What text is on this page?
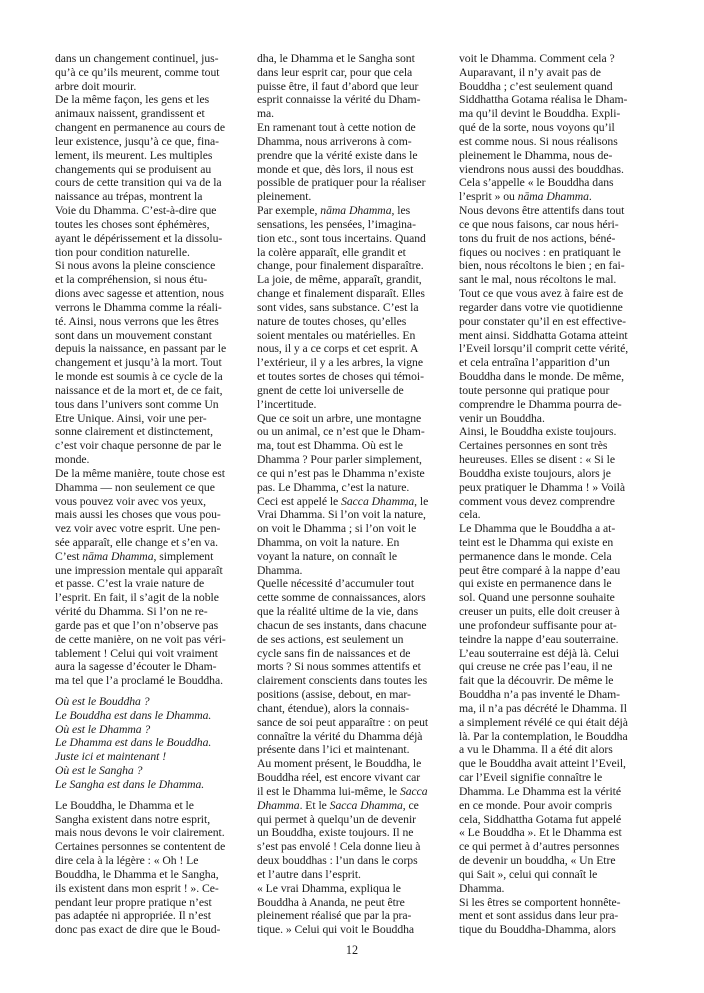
dans un changement continuel, jus-
qu’à ce qu’ils meurent, comme tout
arbre doit mourir.
De la même façon, les gens et les
animaux naissent, grandissent et
changent en permanence au cours de
leur existence, jusqu’à ce que, fina-
lement, ils meurent. Les multiples
changements qui se produisent au
cours de cette transition qui va de la
naissance au trépas, montrent la
Voie du Dhamma. C’est-à-dire que
toutes les choses sont éphémères,
ayant le dépérissement et la dissolu-
tion pour condition naturelle.
Si nous avons la pleine conscience
et la compréhension, si nous étu-
dions avec sagesse et attention, nous
verrons le Dhamma comme la réali-
té. Ainsi, nous verrons que les êtres
sont dans un mouvement constant
depuis la naissance, en passant par le
changement et jusqu’à la mort. Tout
le monde est soumis à ce cycle de la
naissance et de la mort et, de ce fait,
tous dans l’univers sont comme Un
Etre Unique. Ainsi, voir une per-
sonne clairement et distinctement,
c’est voir chaque personne de par le
monde.
De la même manière, toute chose est
Dhamma — non seulement ce que
vous pouvez voir avec vos yeux,
mais aussi les choses que vous pou-
vez voir avec votre esprit. Une pen-
sée apparaît, elle change et s’en va.
C’est nāma Dhamma, simplement
une impression mentale qui apparaît
et passe. C’est la vraie nature de
l’esprit. En fait, il s’agit de la noble
vérité du Dhamma. Si l’on ne re-
garde pas et que l’on n’observe pas
de cette manière, on ne voit pas véri-
tablement ! Celui qui voit vraiment
aura la sagesse d’écouter le Dham-
ma tel que l’a proclamé le Bouddha.
Où est le Bouddha ?
Le Bouddha est dans le Dhamma.
Où est le Dhamma ?
Le Dhamma est dans le Bouddha.
Juste ici et maintenant !
Où est le Sangha ?
Le Sangha est dans le Dhamma.
Le Bouddha, le Dhamma et le
Sangha existent dans notre esprit,
mais nous devons le voir clairement.
Certaines personnes se contentent de
dire cela à la légère : « Oh ! Le
Bouddha, le Dhamma et le Sangha,
ils existent dans mon esprit ! ». Ce-
pendant leur propre pratique n’est
pas adaptée ni appropriée. Il n’est
donc pas exact de dire que le Boud-
dha, le Dhamma et le Sangha sont
dans leur esprit car, pour que cela
puisse être, il faut d’abord que leur
esprit connaisse la vérité du Dham-
ma.
En ramenant tout à cette notion de
Dhamma, nous arriverons à com-
prendre que la vérité existe dans le
monde et que, dès lors, il nous est
possible de pratiquer pour la réaliser
pleinement.
Par exemple, nāma Dhamma, les
sensations, les pensées, l’imagina-
tion etc., sont tous incertains. Quand
la colère apparaît, elle grandit et
change, pour finalement disparaître.
La joie, de même, apparaît, grandit,
change et finalement disparaît. Elles
sont vides, sans substance. C’est la
nature de toutes choses, qu’elles
soient mentales ou matérielles. En
nous, il y a ce corps et cet esprit. A
l’extérieur, il y a les arbres, la vigne
et toutes sortes de choses qui témoi-
gnent de cette loi universelle de
l’incertitude.
Que ce soit un arbre, une montagne
ou un animal, ce n’est que le Dham-
ma, tout est Dhamma. Où est le
Dhamma ? Pour parler simplement,
ce qui n’est pas le Dhamma n’existe
pas. Le Dhamma, c’est la nature.
Ceci est appelé le Sacca Dhamma, le
Vrai Dhamma. Si l’on voit la nature,
on voit le Dhamma ; si l’on voit le
Dhamma, on voit la nature. En
voyant la nature, on connaît le
Dhamma.
Quelle nécessité d’accumuler tout
cette somme de connaissances, alors
que la réalité ultime de la vie, dans
chacun de ses instants, dans chacune
de ses actions, est seulement un
cycle sans fin de naissances et de
morts ? Si nous sommes attentifs et
clairement conscients dans toutes les
positions (assise, debout, en mar-
chant, étendue), alors la connais-
sance de soi peut apparaître : on peut
connaître la vérité du Dhamma déjà
présente dans l’ici et maintenant.
Au moment présent, le Bouddha, le
Bouddha réel, est encore vivant car
il est le Dhamma lui-même, le Sacca
Dhamma. Et le Sacca Dhamma, ce
qui permet à quelqu’un de devenir
un Bouddha, existe toujours. Il ne
s’est pas envolé ! Cela donne lieu à
deux bouddhas : l’un dans le corps
et l’autre dans l’esprit.
« Le vrai Dhamma, expliqua le
Bouddha à Ananda, ne peut être
pleinement réalisé que par la pra-
tique. » Celui qui voit le Bouddha
voit le Dhamma. Comment cela ?
Auparavant, il n’y avait pas de
Bouddha ; c’est seulement quand
Siddhattha Gotama réalisa le Dham-
ma qu’il devint le Bouddha. Expli-
qué de la sorte, nous voyons qu’il
est comme nous. Si nous réalisons
pleinement le Dhamma, nous de-
viendrons nous aussi des bouddhas.
Cela s’appelle « le Bouddha dans
l’esprit » ou nāma Dhamma.
Nous devons être attentifs dans tout
ce que nous faisons, car nous héri-
tons du fruit de nos actions, béné-
fiques ou nocives : en pratiquant le
bien, nous récoltons le bien ; en fai-
sant le mal, nous récoltons le mal.
Tout ce que vous avez à faire est de
regarder dans votre vie quotidienne
pour constater qu’il en est effective-
ment ainsi. Siddhatta Gotama atteint
l’Eveil lorsqu’il comprit cette vérité,
et cela entraîna l’apparition d’un
Bouddha dans le monde. De même,
toute personne qui pratique pour
comprendre le Dhamma pourra de-
venir un Bouddha.
Ainsi, le Bouddha existe toujours.
Certaines personnes en sont très
heureuses. Elles se disent : « Si le
Bouddha existe toujours, alors je
peux pratiquer le Dhamma ! » Voilà
comment vous devez comprendre
cela.
Le Dhamma que le Bouddha a at-
teint est le Dhamma qui existe en
permanence dans le monde. Cela
peut être comparé à la nappe d’eau
qui existe en permanence dans le
sol. Quand une personne souhaite
creuser un puits, elle doit creuser à
une profondeur suffisante pour at-
teindre la nappe d’eau souterraine.
L’eau souterraine est déjà là. Celui
qui creuse ne crée pas l’eau, il ne
fait que la découvrir. De même le
Bouddha n’a pas inventé le Dham-
ma, il n’a pas décrété le Dhamma. Il
a simplement révélé ce qui était déjà
là. Par la contemplation, le Bouddha
a vu le Dhamma. Il a été dit alors
que le Bouddha avait atteint l’Eveil,
car l’Eveil signifie connaître le
Dhamma. Le Dhamma est la vérité
en ce monde. Pour avoir compris
cela, Siddhattha Gotama fut appelé
« Le Bouddha ». Et le Dhamma est
ce qui permet à d’autres personnes
de devenir un bouddha, « Un Etre
qui Sait », celui qui connaît le
Dhamma.
Si les êtres se comportent honnête-
ment et sont assidus dans leur pra-
tique du Bouddha-Dhamma, alors
12
